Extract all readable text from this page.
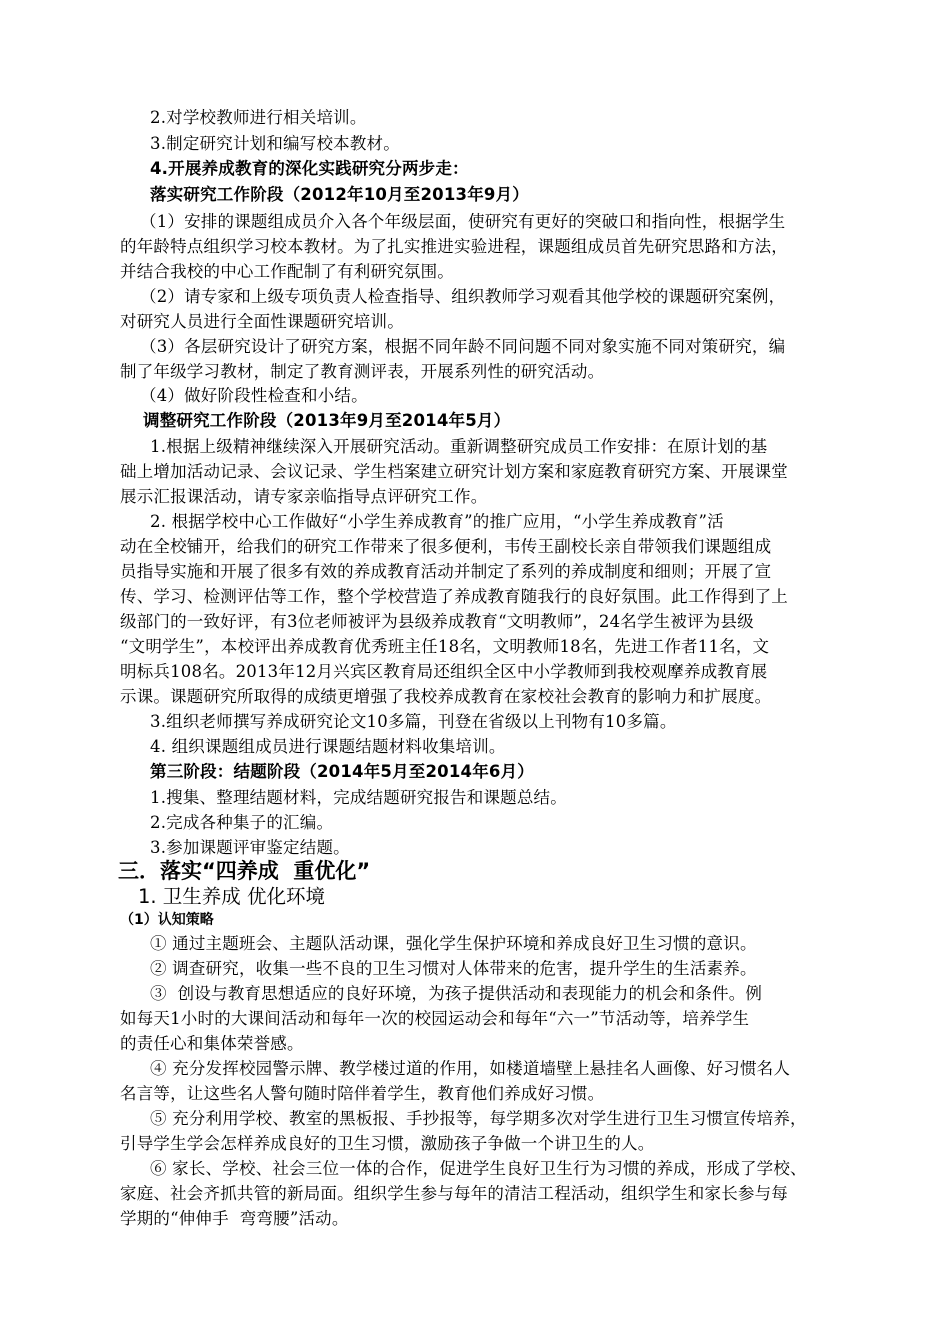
2.对学校教师进行相关培训。
3.制定研究计划和编写校本教材。
4.开展养成教育的深化实践研究分两步走：
落实研究工作阶段（2012年10月至2013年9月）
（1）安排的课题组成员介入各个年级层面，使研究有更好的突破口和指向性，根据学生
的年龄特点组织学习校本教材。为了扎实推进实验进程，课题组成员首先研究思路和方法，
并结合我校的中心工作配制了有利研究氛围。
（2）请专家和上级专项负责人检查指导、组织教师学习观看其他学校的课题研究案例，
对研究人员进行全面性课题研究培训。
（3）各层研究设计了研究方案，根据不同年龄不同问题不同对象实施不同对策研究，编
制了年级学习教材，制定了教育测评表，开展系列性的研究活动。
（4）做好阶段性检查和小结。
调整研究工作阶段（2013年9月至2014年5月）
1.根据上级精神继续深入开展研究活动。重新调整研究成员工作安排：在原计划的基
础上增加活动记录、会议记录、学生档案建立研究计划方案和家庭教育研究方案、开展课堂
展示汇报课活动，请专家亲临指导点评研究工作。
2. 根据学校中心工作做好“小学生养成教育”的推广应用，“小学生养成教育”活
动在全校铺开，给我们的研究工作带来了很多便利，韦传王副校长亲自带领我们课题组成
员指导实施和开展了很多有效的养成教育活动并制定了系列的养成制度和细则；开展了宣
传、学习、检测评估等工作，整个学校营造了养成教育随我行的良好氛围。此工作得到了上
级部门的一致好评，有3位老师被评为县级养成教育“文明教师”，24名学生被评为县级
“文明学生”，本校评出养成教育优秀班主任18名，文明教师18名，先进工作者11名，文
明标兵108名。2013年12月兴宾区教育局还组织全区中小学教师到我校观摩养成教育展
示课。课题研究所取得的成绩更增强了我校养成教育在家校社会教育的影响力和扩展度。
3.组织老师撰写养成研究论文10多篇，刊登在省级以上刊物有10多篇。
4. 组织课题组成员进行课题结题材料收集培训。
第三阶段：结题阶段（2014年5月至2014年6月）
1.搜集、整理结题材料，完成结题研究报告和课题总结。
2.完成各种集子的汇编。
3.参加课题评审鉴定结题。
三．落实“四养成  重优化”
1. 卫生养成 优化环境
（1）认知策略
① 通过主题班会、主题队活动课，强化学生保护环境和养成良好卫生习惯的意识。
② 调查研究，收集一些不良的卫生习惯对人体带来的危害，提升学生的生活素养。
③  创设与教育思想适应的良好环境，为孩子提供活动和表现能力的机会和条件。例
如每天1小时的大课间活动和每年一次的校园运动会和每年“六一”节活动等，培养学生
的责任心和集体荣誉感。
④ 充分发挥校园警示牌、教学楼过道的作用，如楼道墙壁上悬挂名人画像、好习惯名人
名言等，让这些名人警句随时陪伴着学生，教育他们养成好习惯。
⑤ 充分利用学校、教室的黑板报、手抄报等，每学期多次对学生进行卫生习惯宣传培养，
引导学生学会怎样养成良好的卫生习惯，激励孩子争做一个讲卫生的人。
⑥ 家长、学校、社会三位一体的合作，促进学生良好卫生行为习惯的养成，形成了学校、
家庭、社会齐抓共管的新局面。组织学生参与每年的清洁工程活动，组织学生和家长参与每
学期的“伸伸手  弯弯腰”活动。
